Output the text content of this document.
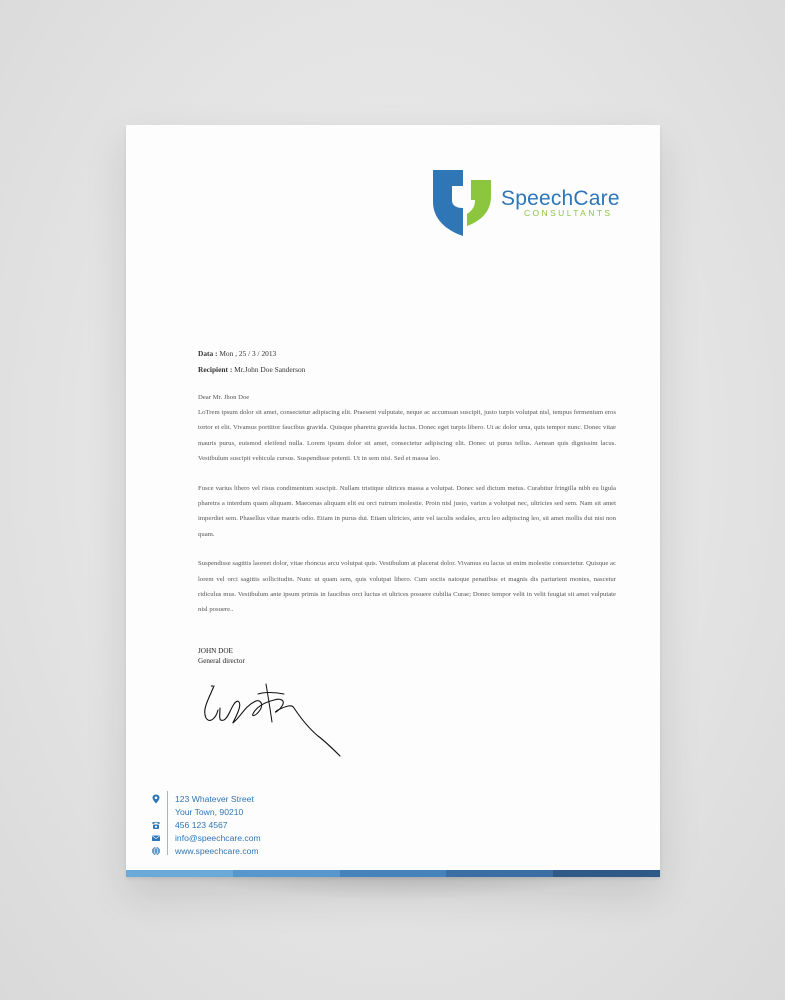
SpeechCare
CONSULTANTS
Data : Mon , 25 / 3 / 2013
Recipient : Mr.John Doe Sanderson
Dear Mr. Jhon Doe

LoTrem ipsum dolor sit amet, consectetur adipiscing elit. Praesent vulputate, neque ac accumsan suscipit, justo turpis volutpat nisl, tempus fermentum eros tortor et elit. Vivamus porttitor faucibus gravida. Quisque pharetra gravida luctus. Donec eget turpis libero. Ut ac dolor urna, quis tempor nunc. Donec vitae mauris purus, euismod eleifend nulla. Lorem ipsum dolor sit amet, consectetur adipiscing elit. Donec ut purus tellus. Aenean quis dignissim lacus. Vestibulum suscipit vehicula cursus. Suspendisse potenti. Ut in sem nisi. Sed et massa leo.

Fusce varius libero vel risus condimentum suscipit. Nullam tristique ultrices massa a volutpat. Donec sed dictum metus. Curabitur fringilla nibh eu ligula pharetra a interdum quam aliquam. Maecenas aliquam elit eu orci rutrum molestie. Proin nisl justo, varius a volutpat nec, ultricies sed sem. Nam sit amet imperdiet sem. Phasellus vitae mauris odio. Etiam in purus dui. Etiam ultricies, ante vel iaculis sodales, arcu leo adipiscing leo, sit amet mollis dui nisi non quam.

Suspendisse sagittis laoreet dolor, vitae rhoncus arcu volutpat quis. Vestibulum at placerat dolor. Vivamus eu lacus ut enim molestie consectetur. Quisque ac lorem vel orci sagittis sollicitudin. Nunc ut quam sem, quis volutpat libero. Cum sociis natoque penatibus et magnis dis parturient montes, nascetur ridiculus mus. Vestibulum ante ipsum primis in faucibus orci luctus et ultrices posuere cubilia Curae; Donec tempor velit in velit feugiat sit amet vulputate nisl posuere..

JOHN DOE
General director
123 Whatever Street
Your Town, 90210
456 123 4567
info@speechcare.com
www.speechcare.com
